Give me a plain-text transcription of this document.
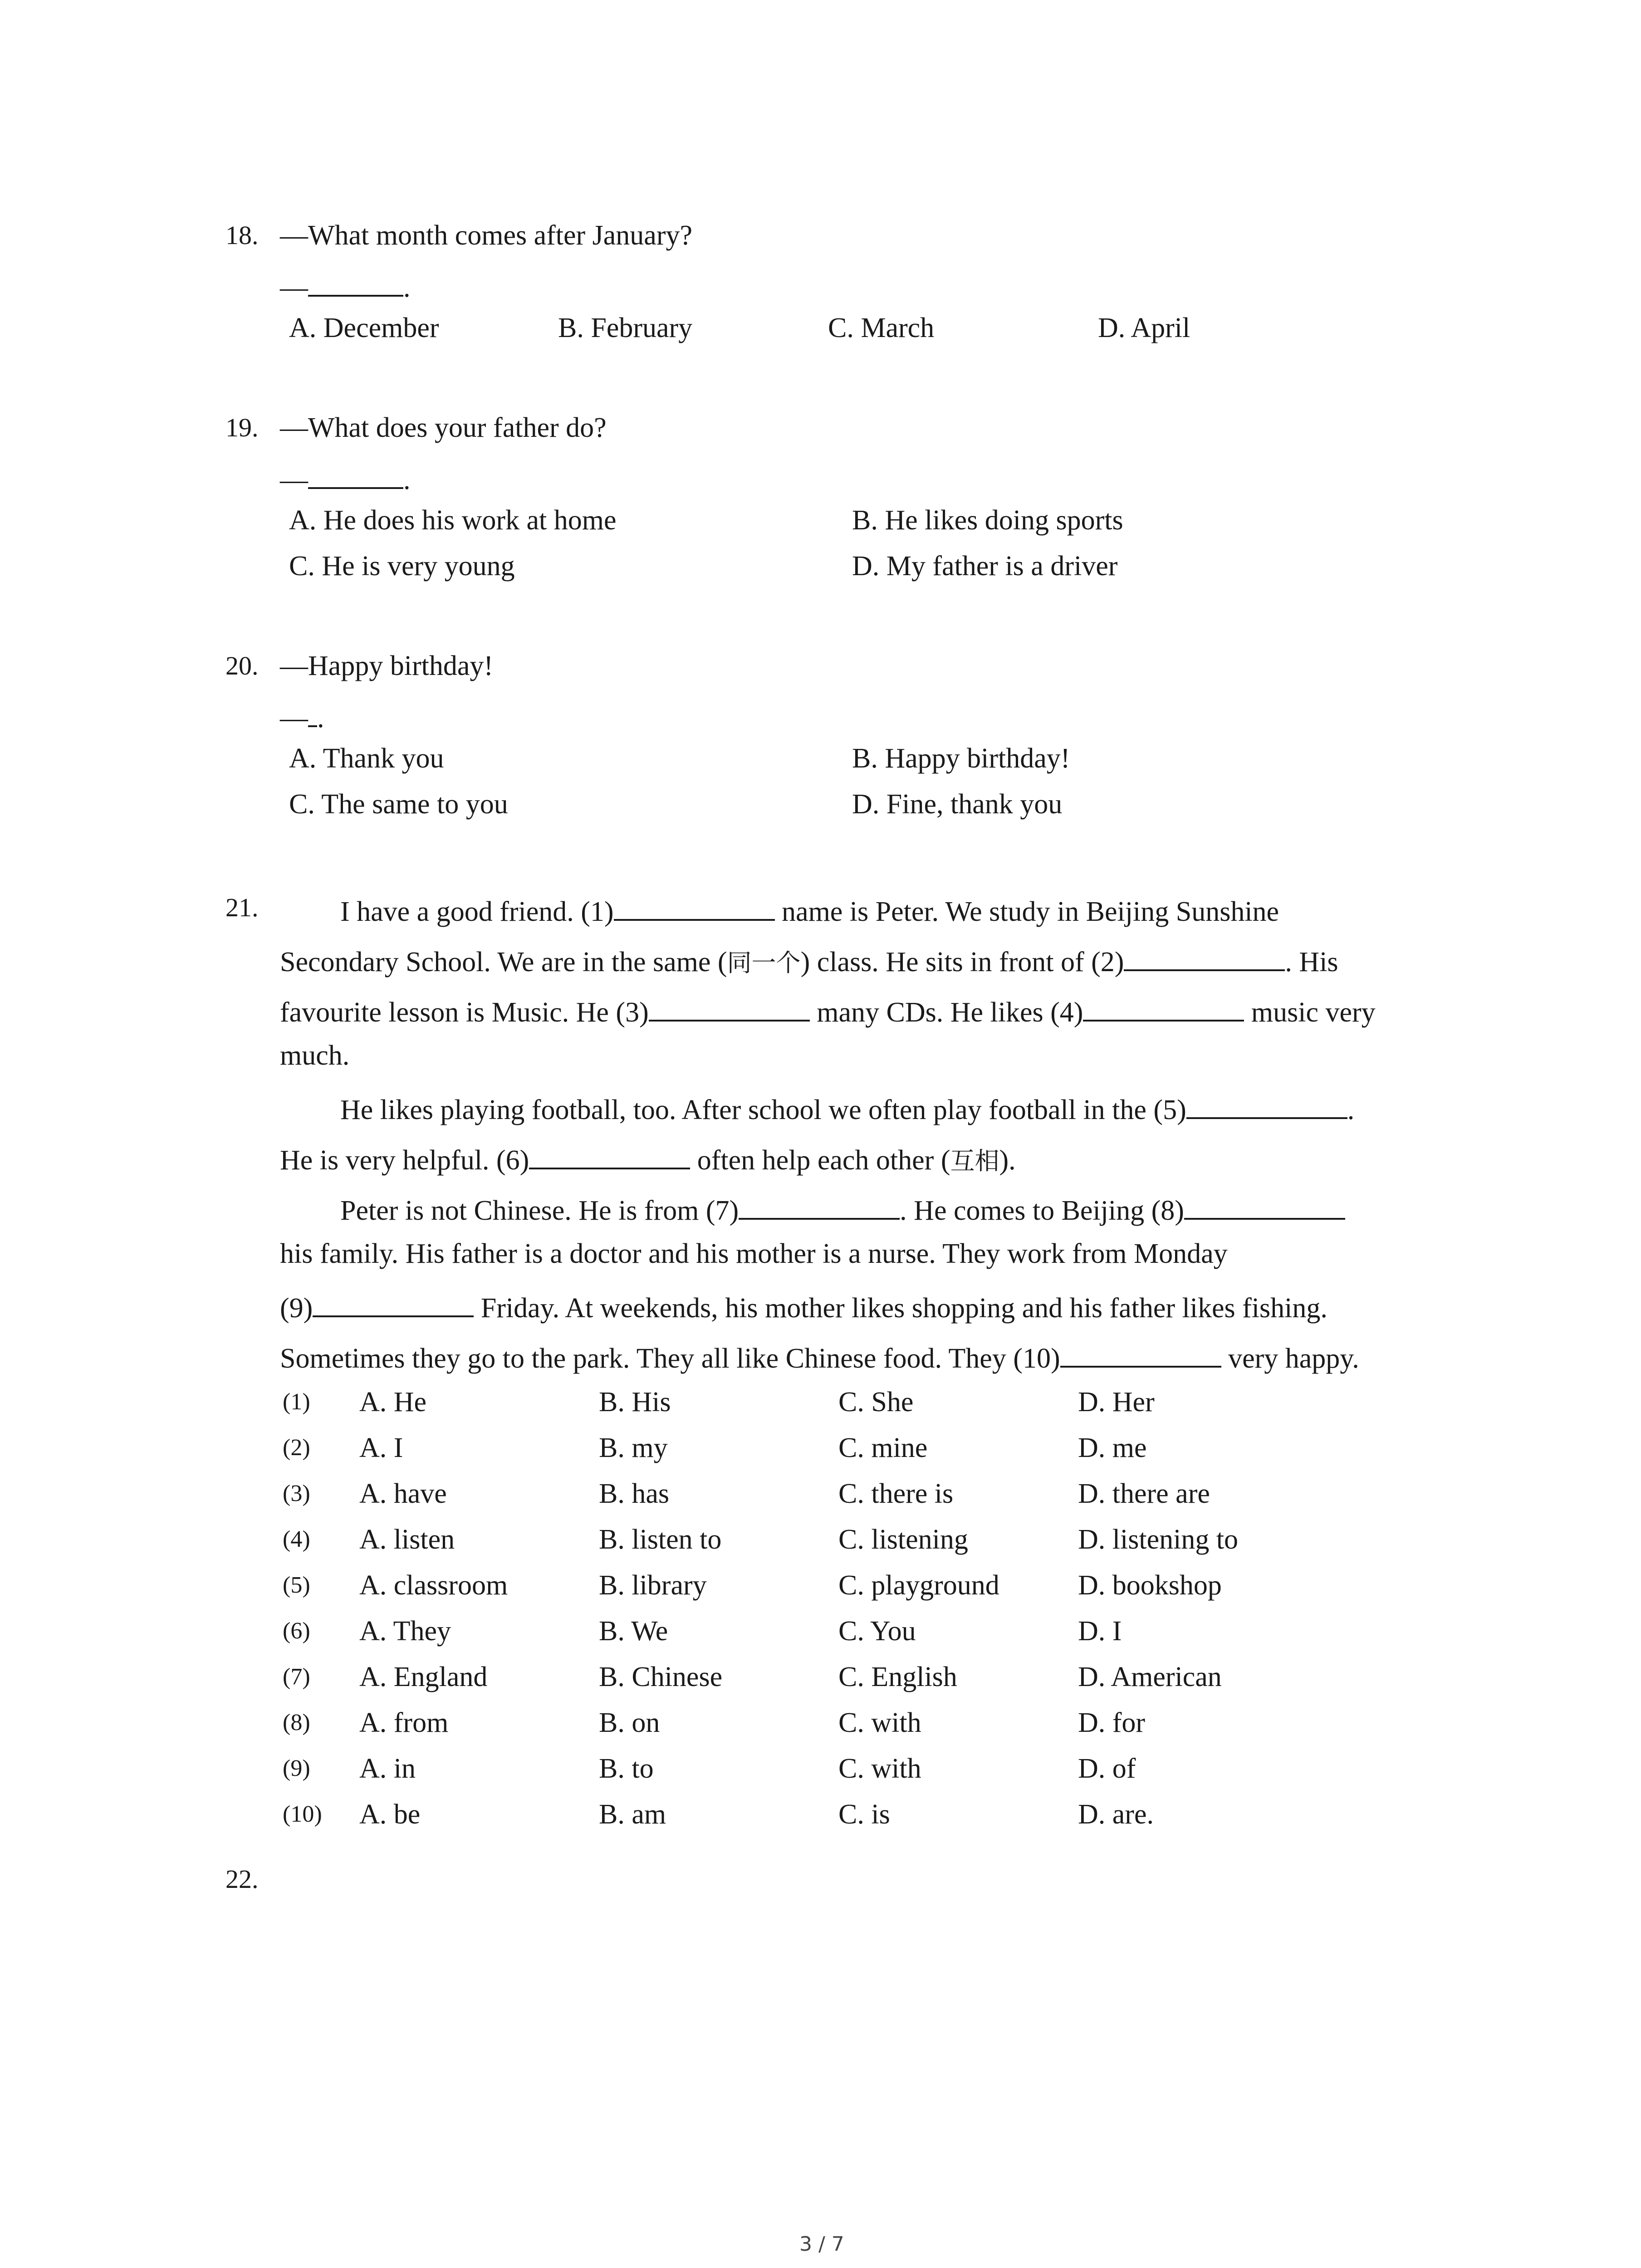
18. —What month comes after January?
—	.
A. December	B. February	C. March	D. April
19. —What does your father do?
—	.
A. He does his work at home	B. He likes doing sports
C. He is very young	D. My father is a driver
20. —Happy birthday!
— .
A. Thank you	B. Happy birthday!
C. The same to you	D. Fine, thank you
21.	I have a good friend. (1)	name is Peter. We study in Beijing Sunshine
Secondary School. We are in the same (同一个) class. He sits in front of (2)	. His
favourite lesson is Music. He (3)	many CDs. He likes (4)	music very
much.
He likes playing football, too. After school we often play football in the (5)	.
He is very helpful. (6)	often help each other (互相).
Peter is not Chinese. He is from (7)	. He comes to Beijing (8)
his family. His father is a doctor and his mother is a nurse. They work from Monday
(9)	Friday. At weekends, his mother likes shopping and his father likes fishing.
Sometimes they go to the park. They all like Chinese food. They (10)	very happy.
(1) A. He	B. His	C. She	D. Her
(2) A. I	B. my	C. mine	D. me
(3) A. have	B. has	C. there is	D. there are
(4) A. listen	B. listen to	C. listening	D. listening to
(5) A. classroom	B. library	C. playground	D. bookshop
(6) A. They	B. We	C. You	D. I
(7) A. England	B. Chinese	C. English	D. American
(8) A. from	B. on	C. with	D. for
(9) A. in	B. to	C. with	D. of
(10) A. be	B. am	C. is	D. are.
22.
3 / 7
